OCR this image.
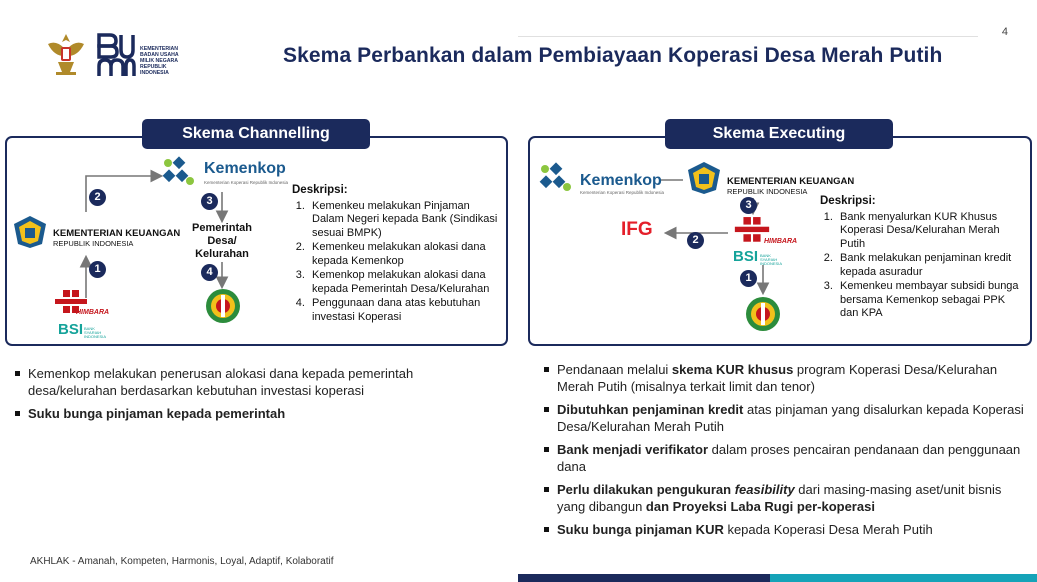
KEMENTERIAN
BADAN USAHA
MILIK NEGARA
REPUBLIK
INDONESIA
4
Skema Perbankan dalam Pembiayaan Koperasi Desa Merah Putih
Skema Channelling
Kemenkop
Kementerian Koperasi Republik Indonesia
KEMENTERIAN KEUANGAN
REPUBLIK INDONESIA
HIMBARA
BSI BANK SYARIAH INDONESIA
Pemerintah
Desa/
Kelurahan
1
2	3
4
Deskripsi:
1. Kemenkeu melakukan Pinjaman Dalam Negeri kepada Bank (Sindikasi sesuai BMPK)
2. Kemenkeu melakukan alokasi dana kepada Kemenkop
3. Kemenkop melakukan alokasi dana kepada Pemerintah Desa/Kelurahan
4. Penggunaan dana atas kebutuhan investasi Koperasi
Kemenkop melakukan penerusan alokasi dana kepada pemerintah desa/kelurahan berdasarkan kebutuhan investasi koperasi
Suku bunga pinjaman kepada pemerintah
Skema Executing
Kemenkop
Kementerian Koperasi Republik Indonesia
KEMENTERIAN KEUANGAN
REPUBLIK INDONESIA
IFG
HIMBARA
BSI BANK SYARIAH INDONESIA
1
2
3	Deskripsi:
1. Bank menyalurkan KUR Khusus Koperasi Desa/Kelurahan Merah Putih
2. Bank melakukan penjaminan kredit kepada asuradur
3. Kemenkeu membayar subsidi bunga bersama Kemenkop sebagai PPK dan KPA
Pendanaan melalui skema KUR khusus program Koperasi Desa/Kelurahan Merah Putih (misalnya terkait limit dan tenor)
Dibutuhkan penjaminan kredit atas pinjaman yang disalurkan kepada Koperasi Desa/Kelurahan Merah Putih
Bank menjadi verifikator dalam proses pencairan pendanaan dan penggunaan dana
Perlu dilakukan pengukuran feasibility dari masing-masing aset/unit bisnis yang dibangun dan Proyeksi Laba Rugi per-koperasi
Suku bunga pinjaman KUR kepada Koperasi Desa Merah Putih
AKHLAK - Amanah, Kompeten, Harmonis, Loyal, Adaptif, Kolaboratif
